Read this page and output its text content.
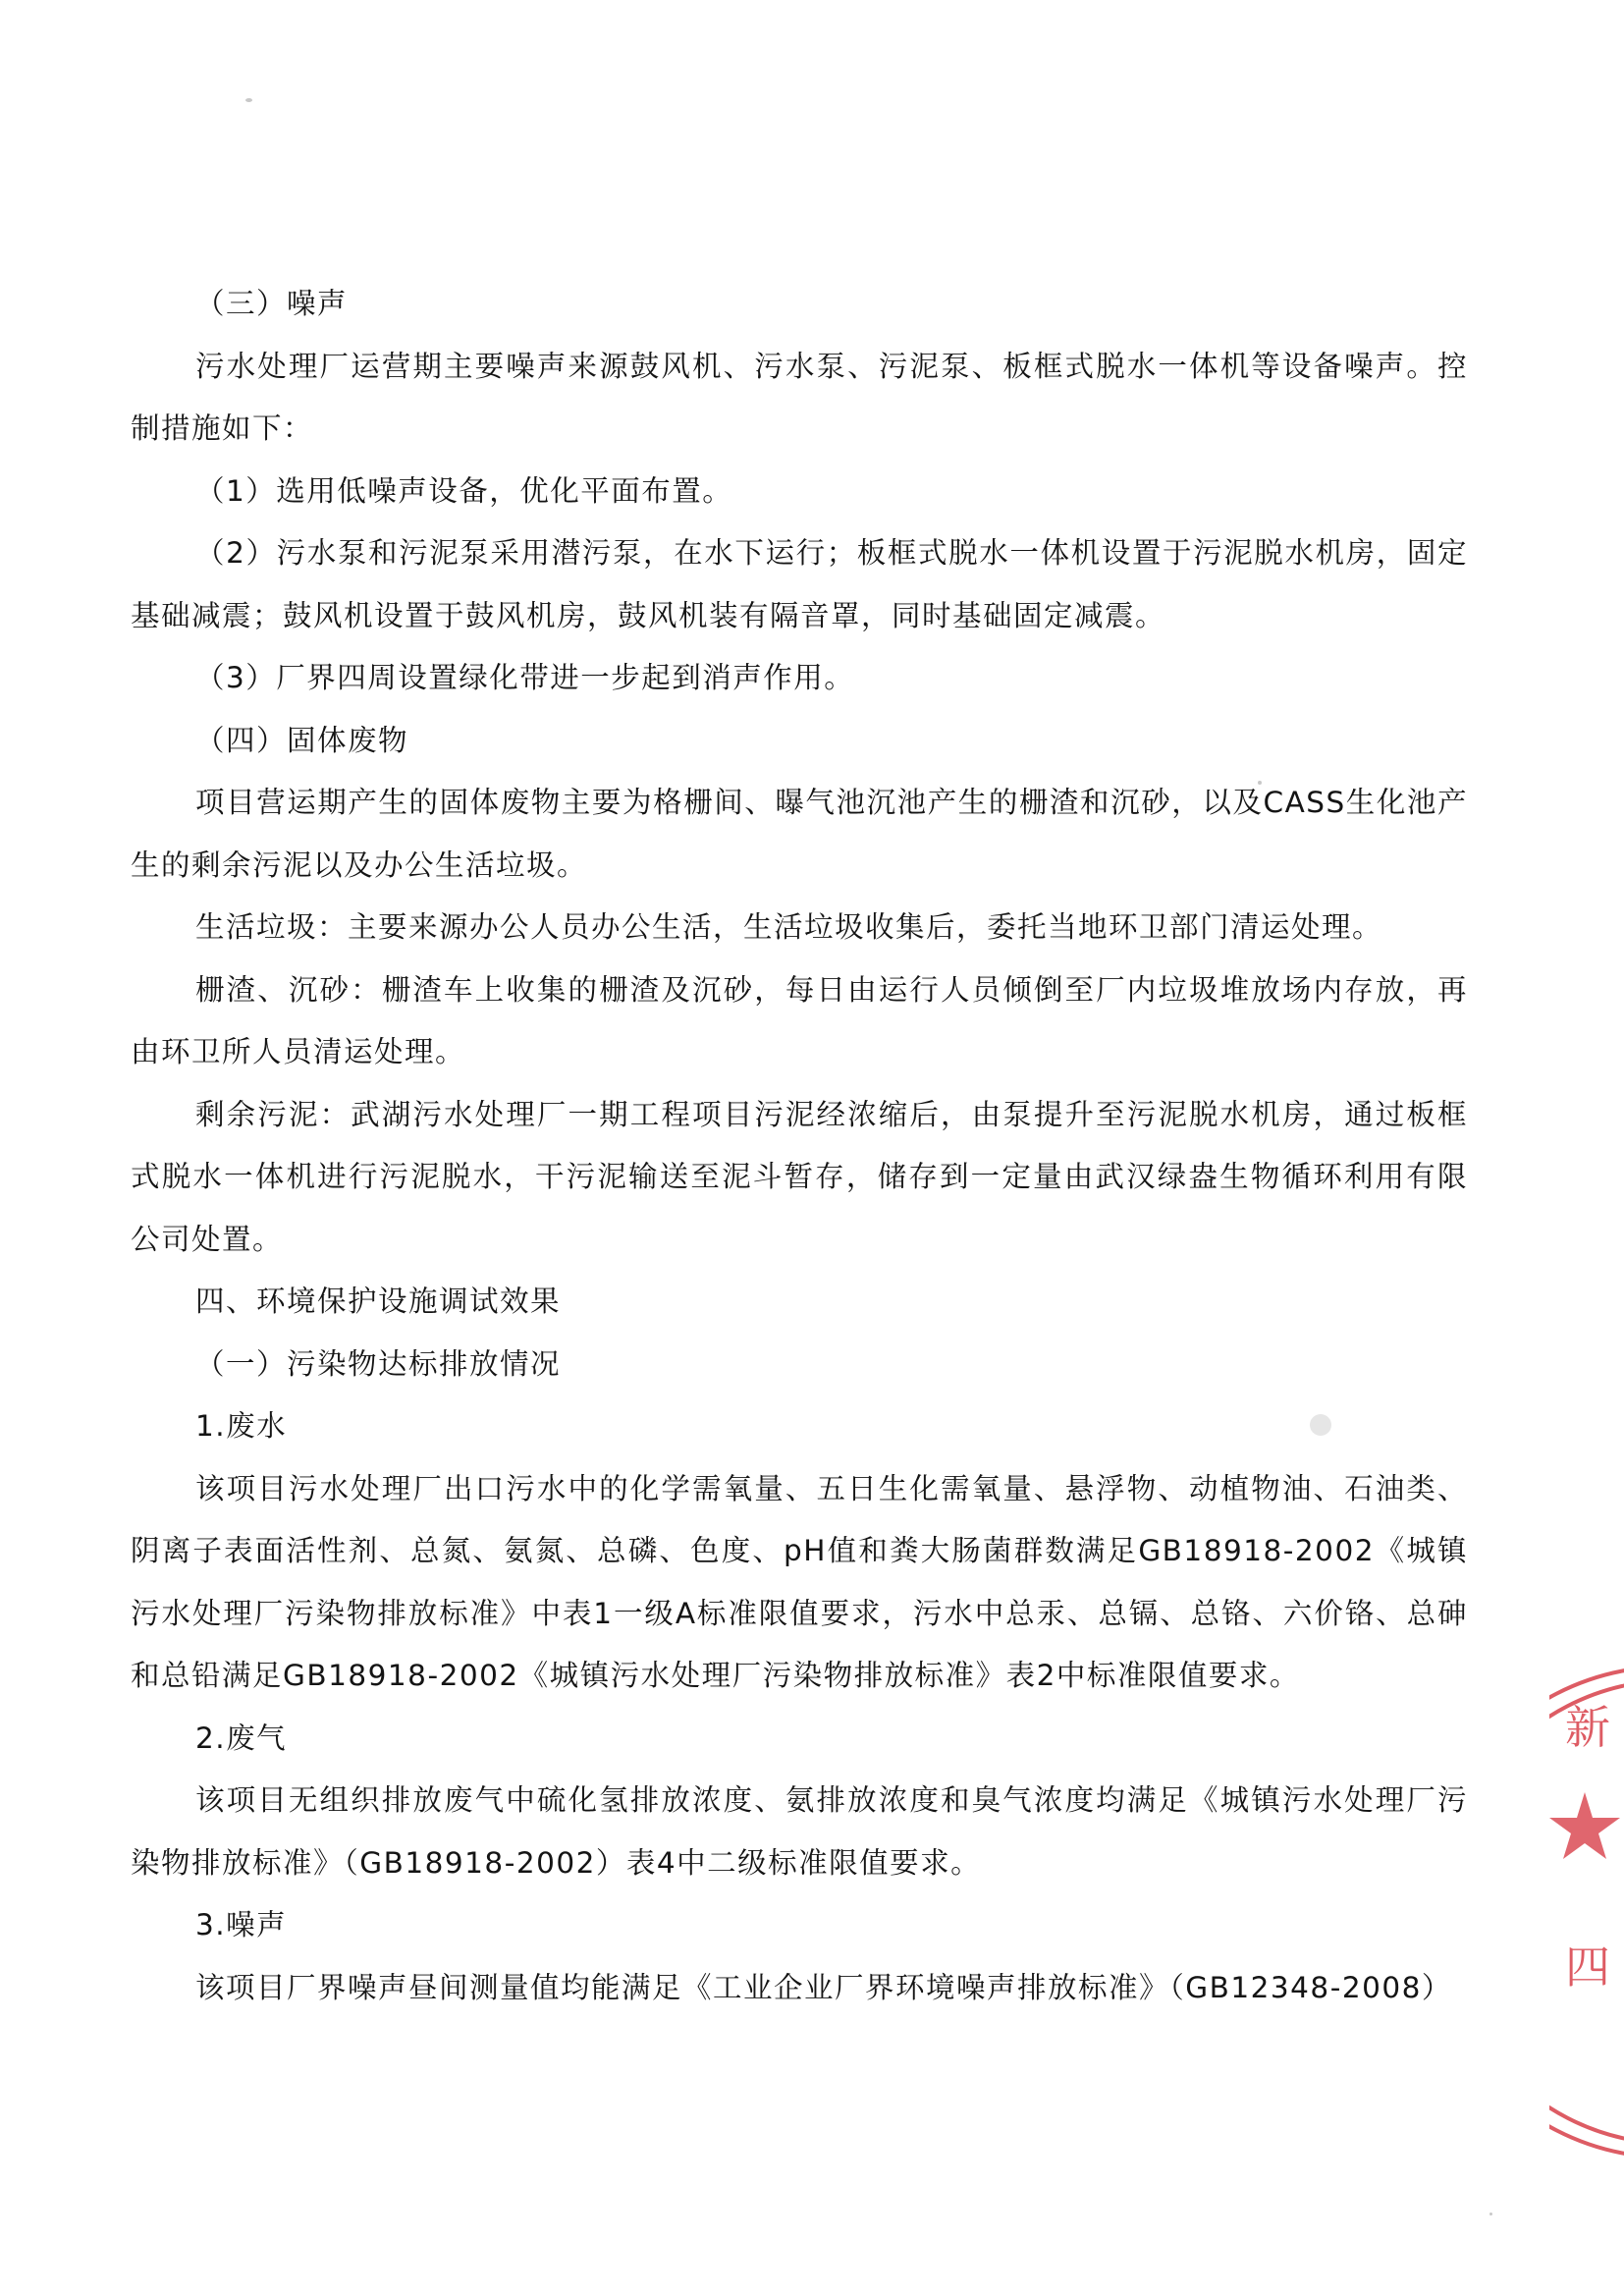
（三）噪声

污水处理厂运营期主要噪声来源鼓风机、污水泵、污泥泵、板框式脱水一体机等设备噪声。控制措施如下：

（1）选用低噪声设备，优化平面布置。

（2）污水泵和污泥泵采用潜污泵，在水下运行；板框式脱水一体机设置于污泥脱水机房，固定基础减震；鼓风机设置于鼓风机房，鼓风机装有隔音罩，同时基础固定减震。

（3）厂界四周设置绿化带进一步起到消声作用。

（四）固体废物

项目营运期产生的固体废物主要为格栅间、曝气池沉池产生的栅渣和沉砂，以及CASS生化池产生的剩余污泥以及办公生活垃圾。

生活垃圾：主要来源办公人员办公生活，生活垃圾收集后，委托当地环卫部门清运处理。

栅渣、沉砂：栅渣车上收集的栅渣及沉砂，每日由运行人员倾倒至厂内垃圾堆放场内存放，再由环卫所人员清运处理。

剩余污泥：武湖污水处理厂一期工程项目污泥经浓缩后，由泵提升至污泥脱水机房，通过板框式脱水一体机进行污泥脱水，干污泥输送至泥斗暂存，储存到一定量由武汉绿盎生物循环利用有限公司处置。

四、环境保护设施调试效果

（一）污染物达标排放情况

1.废水

该项目污水处理厂出口污水中的化学需氧量、五日生化需氧量、悬浮物、动植物油、石油类、阴离子表面活性剂、总氮、氨氮、总磷、色度、pH值和粪大肠菌群数满足GB18918-2002《城镇污水处理厂污染物排放标准》中表1一级A标准限值要求，污水中总汞、总镉、总铬、六价铬、总砷和总铅满足GB18918-2002《城镇污水处理厂污染物排放标准》表2中标准限值要求。

2.废气

该项目无组织排放废气中硫化氢排放浓度、氨排放浓度和臭气浓度均满足《城镇污水处理厂污染物排放标准》（GB18918-2002）表4中二级标准限值要求。

3.噪声

该项目厂界噪声昼间测量值均能满足《工业企业厂界环境噪声排放标准》（GB12348-2008）

新
四
